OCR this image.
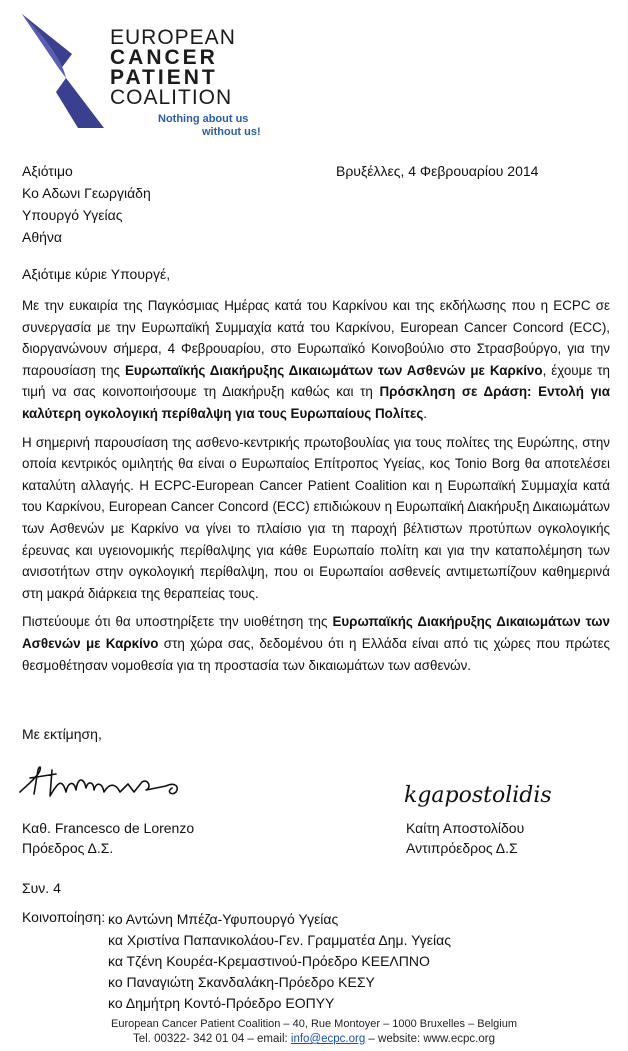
EUROPEAN
CANCER
PATIENT
COALITION
Nothing about us
without us!
Αξιότιμο
Κο Αδωνι Γεωργιάδη
Υπουργό Υγείας
Αθήνα
Βρυξέλλες, 4 Φεβρουαρίου 2014
Αξιότιμε κύριε Υπουργέ,

Με την ευκαιρία της Παγκόσμιας Ημέρας κατά του Καρκίνου και της εκδήλωσης που η ECPC σε συνεργασία με την Ευρωπαϊκή Συμμαχία κατά του Καρκίνου, European Cancer Concord (ECC), διοργανώνουν σήμερα, 4 Φεβρουαρίου, στο Ευρωπαϊκό Κοινοβούλιο στο Στρασβούργο, για την παρουσίαση της Ευρωπαϊκής Διακήρυξης Δικαιωμάτων των Ασθενών με Καρκίνο, έχουμε τη τιμή να σας κοινοποιήσουμε τη Διακήρυξη καθώς και τη Πρόσκληση σε Δράση: Εντολή για καλύτερη ογκολογική περίθαλψη για τους Ευρωπαίους Πολίτες.

Η σημερινή παρουσίαση της ασθενο-κεντρικής πρωτοβουλίας για τους πολίτες της Ευρώπης, στην οποία κεντρικός ομιλητής θα είναι ο Ευρωπαίος Επίτροπος Υγείας, κος Tonio Borg θα αποτελέσει καταλύτη αλλαγής. Η ECPC-European Cancer Patient Coalition και η Ευρωπαϊκή Συμμαχία κατά του Καρκίνου, European Cancer Concord (ECC) επιδιώκουν η Ευρωπαϊκή Διακήρυξη Δικαιωμάτων των Ασθενών με Καρκίνο να γίνει το πλαίσιο για τη παροχή βέλτιστων προτύπων ογκολογικής έρευνας και υγειονομικής περίθαλψης για κάθε Ευρωπαίο πολίτη και για την καταπολέμηση των ανισοτήτων στην ογκολογική περίθαλψη, που οι Ευρωπαίοι ασθενείς αντιμετωπίζουν καθημερινά στη μακρά διάρκεια της θεραπείας τους.

Πιστεύουμε ότι θα υποστηρίξετε την υιοθέτηση της Ευρωπαϊκής Διακήρυξης Δικαιωμάτων των Ασθενών με Καρκίνο στη χώρα σας, δεδομένου ότι η Ελλάδα είναι από τις χώρες που πρώτες θεσμοθέτησαν νομοθεσία για τη προστασία των δικαιωμάτων των ασθενών.

Με εκτίμηση,
kgapostolidis
Καθ. Francesco de Lorenzo
Πρόεδρος Δ.Σ.
Καίτη Αποστολίδου
Αντιπρόεδρος Δ.Σ
Συν. 4
Κοινοποίηση: κο Αντώνη Μπέζα-Υφυπουργό Υγείας
κα Χριστίνα Παπανικολάου-Γεν. Γραμματέα Δημ. Υγείας
κα Τζένη Κουρέα-Κρεμαστινού-Πρόεδρο ΚΕΕΛΠΝΟ
κο Παναγιώτη Σκανδαλάκη-Πρόεδρο ΚΕΣΥ
κο Δημήτρη Κοντό-Πρόεδρο ΕΟΠΥΥ
European Cancer Patient Coalition – 40, Rue Montoyer – 1000 Bruxelles – Belgium
Tel. 00322- 342 01 04 – email: info@ecpc.org – website: www.ecpc.org
